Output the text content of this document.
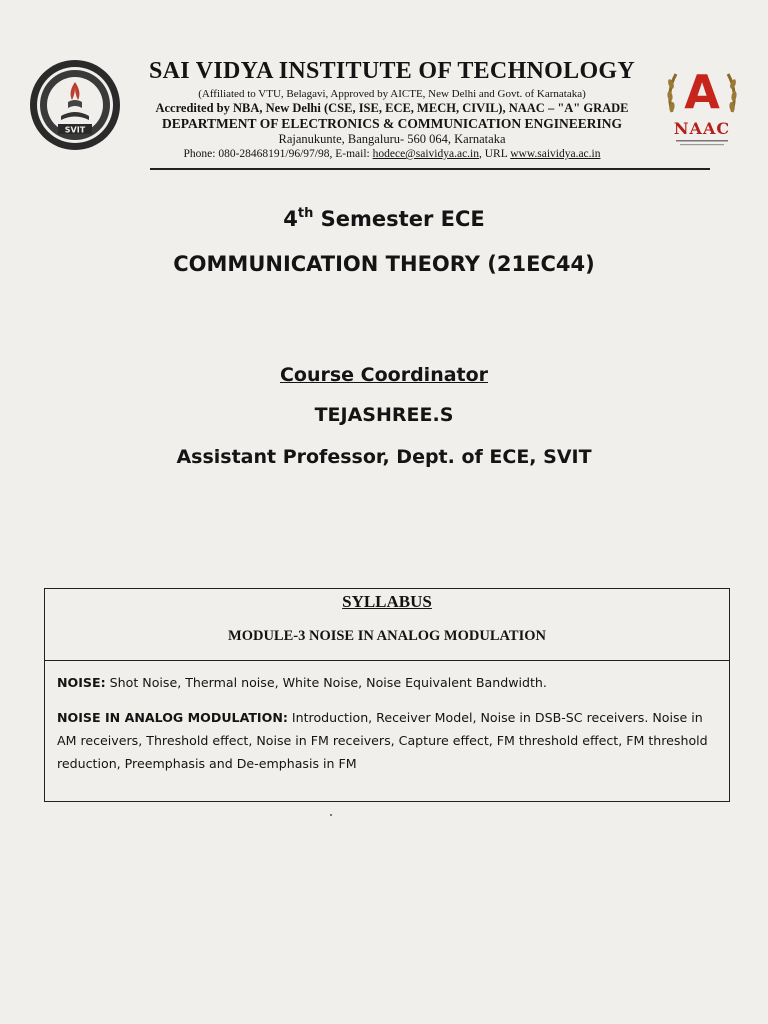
SVIT
SAI VIDYA INSTITUTE OF TECHNOLOGY
(Affiliated to VTU, Belagavi, Approved by AICTE, New Delhi and Govt. of Karnataka)
Accredited by NBA, New Delhi (CSE, ISE, ECE, MECH, CIVIL), NAAC – "A" GRADE
DEPARTMENT OF ELECTRONICS & COMMUNICATION ENGINEERING
Rajanukunte, Bangaluru- 560 064, Karnataka
Phone: 080-28468191/96/97/98, E-mail: hodece@saividya.ac.in, URL www.saividya.ac.in
A
NAAC
4th Semester ECE
COMMUNICATION THEORY (21EC44)
Course Coordinator
TEJASHREE.S
Assistant Professor, Dept. of ECE, SVIT
SYLLABUS
MODULE-3 NOISE IN ANALOG MODULATION

NOISE: Shot Noise, Thermal noise, White Noise, Noise Equivalent Bandwidth.

NOISE IN ANALOG MODULATION: Introduction, Receiver Model, Noise in DSB-SC receivers. Noise in AM receivers, Threshold effect, Noise in FM receivers, Capture effect, FM threshold effect, FM threshold reduction, Preemphasis and De-emphasis in FM
